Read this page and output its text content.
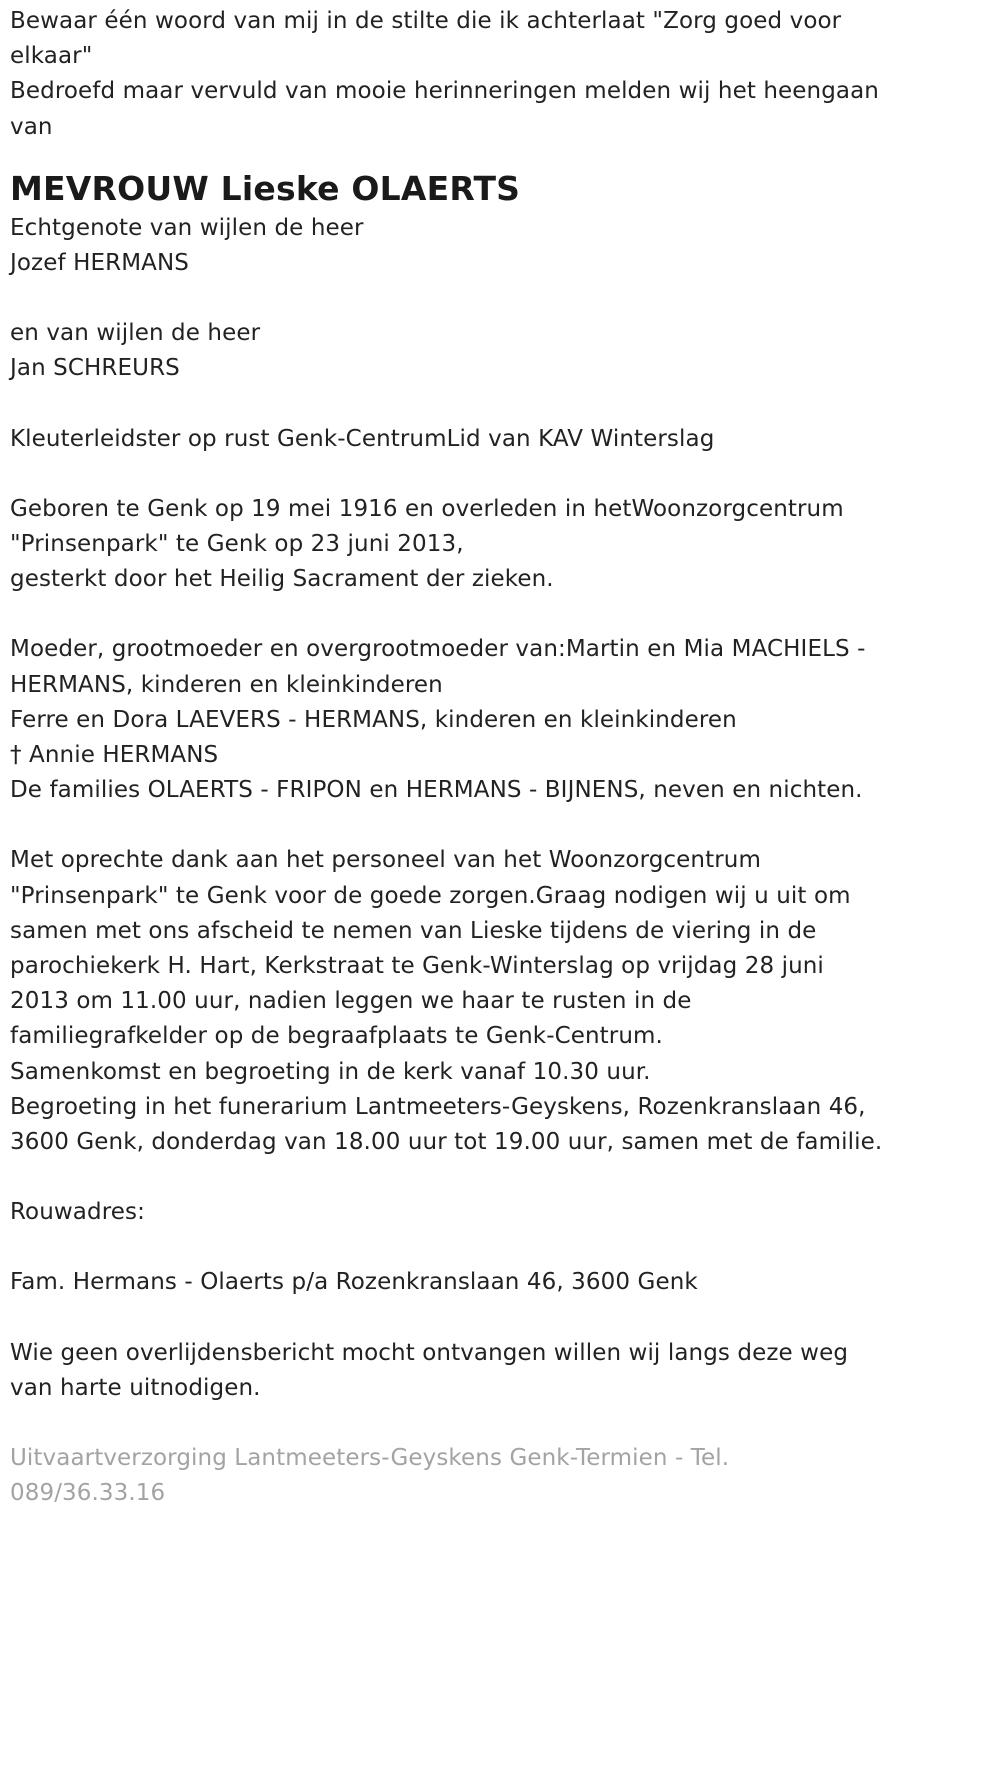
Bewaar één woord van mij in de stilte die ik achterlaat "Zorg goed voor elkaar"

Bedroefd maar vervuld van mooie herinneringen melden wij het heengaan van

MEVROUW Lieske OLAERTS

Echtgenote van wijlen de heer
Jozef HERMANS

en van wijlen de heer
Jan SCHREURS

Kleuterleidster op rust Genk-CentrumLid van KAV Winterslag

Geboren te Genk op 19 mei 1916 en overleden in hetWoonzorgcentrum "Prinsenpark" te Genk op 23 juni 2013,
gesterkt door het Heilig Sacrament der zieken.

Moeder, grootmoeder en overgrootmoeder van:Martin en Mia MACHIELS - HERMANS, kinderen en kleinkinderen
Ferre en Dora LAEVERS - HERMANS, kinderen en kleinkinderen
† Annie HERMANS
De families OLAERTS - FRIPON en HERMANS - BIJNENS, neven en nichten.

Met oprechte dank aan het personeel van het Woonzorgcentrum "Prinsenpark" te Genk voor de goede zorgen.Graag nodigen wij u uit om samen met ons afscheid te nemen van Lieske tijdens de viering in de parochiekerk H. Hart, Kerkstraat te Genk-Winterslag op vrijdag 28 juni 2013 om 11.00 uur, nadien leggen we haar te rusten in de familiegrafkelder op de begraafplaats te Genk-Centrum.
Samenkomst en begroeting in de kerk vanaf 10.30 uur.
Begroeting in het funerarium Lantmeeters-Geyskens, Rozenkranslaan 46, 3600 Genk, donderdag van 18.00 uur tot 19.00 uur, samen met de familie.

Rouwadres:

Fam. Hermans - Olaerts p/a Rozenkranslaan 46, 3600 Genk

Wie geen overlijdensbericht mocht ontvangen willen wij langs deze weg van harte uitnodigen.

Uitvaartverzorging Lantmeeters-Geyskens Genk-Termien - Tel. 089/36.33.16
